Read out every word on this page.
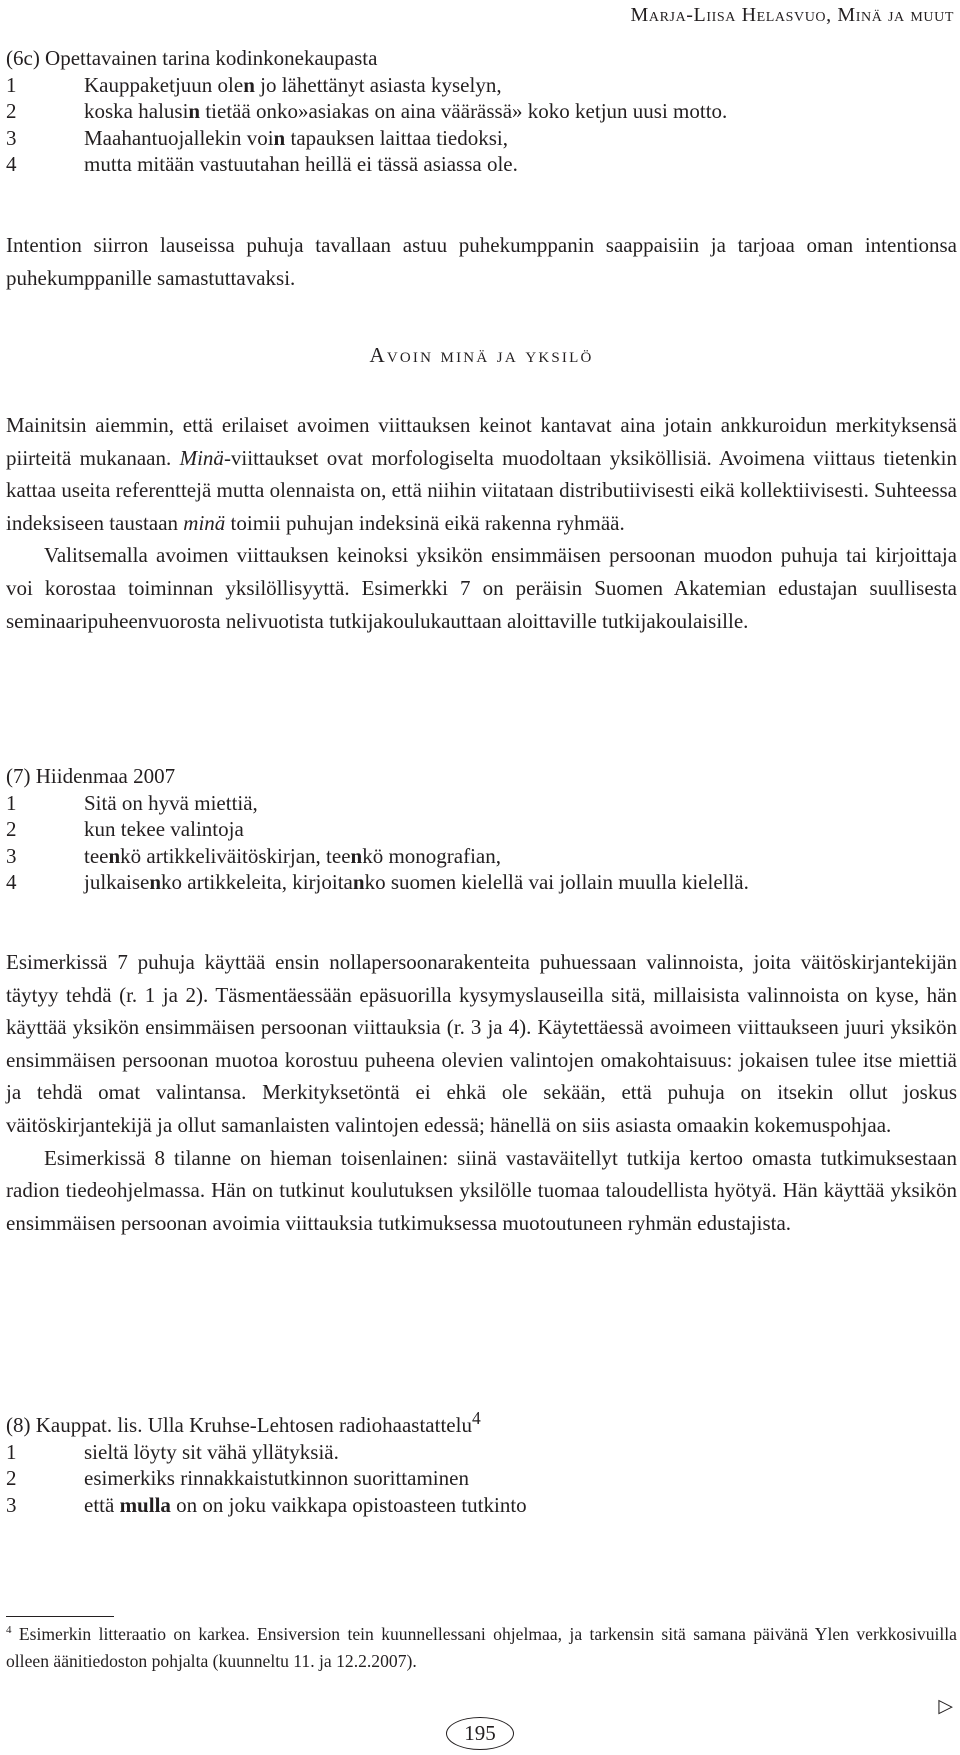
Marja-Liisa Helasvuo, Minä ja muut
(6c) Opettavainen tarina kodinkonekaupasta
1	Kauppaketjuun olen jo lähettänyt asiasta kyselyn,
2	koska halusin tietää onko»asiakas on aina väärässä» koko ketjun uusi motto.
3	Maahantuojallekin voin tapauksen laittaa tiedoksi,
4	mutta mitään vastuutahan heillä ei tässä asiassa ole.

Intention siirron lauseissa puhuja tavallaan astuu puhekumppanin saappaisiin ja tarjoaa oman intentionsa puhekumppanille samastuttavaksi.

Avoin minä ja yksilö

Mainitsin aiemmin, että erilaiset avoimen viittauksen keinot kantavat aina jotain ankkuroidun merkityksensä piirteitä mukanaan. Minä-viittaukset ovat morfologiselta muodoltaan yksiköllisiä. Avoimena viittaus tietenkin kattaa useita referenttejä mutta olennaista on, että niihin viitataan distributiivisesti eikä kollektiivisesti. Suhteessa indeksiseen taustaan minä toimii puhujan indeksinä eikä rakenna ryhmää.

Valitsemalla avoimen viittauksen keinoksi yksikön ensimmäisen persoonan muodon puhuja tai kirjoittaja voi korostaa toiminnan yksilöllisyyttä. Esimerkki 7 on peräisin Suomen Akatemian edustajan suullisesta seminaaripuheenvuorosta nelivuotista tutkijakoulukauttaan aloittaville tutkijakoulaisille.

(7) Hiidenmaa 2007
1	Sitä on hyvä miettiä,
2	kun tekee valintoja
3	teenkö artikkeliväitöskirjan, teenkö monografian,
4	julkaisenko artikkeleita, kirjoitanko suomen kielellä vai jollain muulla kielellä.

Esimerkissä 7 puhuja käyttää ensin nollapersoonarakenteita puhuessaan valinnoista, joita väitöskirjantekijän täytyy tehdä (r. 1 ja 2). Täsmentäessään epäsuorilla kysymyslauseilla sitä, millaisista valinnoista on kyse, hän käyttää yksikön ensimmäisen persoonan viittauksia (r. 3 ja 4). Käytettäessä avoimeen viittaukseen juuri yksikön ensimmäisen persoonan muotoa korostuu puheena olevien valintojen omakohtaisuus: jokaisen tulee itse miettiä ja tehdä omat valintansa. Merkityksetöntä ei ehkä ole sekään, että puhuja on itsekin ollut joskus väitöskirjantekijä ja ollut samanlaisten valintojen edessä; hänellä on siis asiasta omaakin kokemuspohjaa.

Esimerkissä 8 tilanne on hieman toisenlainen: siinä vastaväitellyt tutkija kertoo omasta tutkimuksestaan radion tiedeohjelmassa. Hän on tutkinut koulutuksen yksilölle tuomaa taloudellista hyötyä. Hän käyttää yksikön ensimmäisen persoonan avoimia viittauksia tutkimuksessa muotoutuneen ryhmän edustajista.

(8) Kauppat. lis. Ulla Kruhse-Lehtosen radiohaastattelu$^4$
1	sieltä löyty sit vähä yllätyksiä.
2	esimerkiks rinnakkaistutkinnon suorittaminen
3	että mulla on on joku vaikkapa opistoasteen tutkinto
$^4$ Esimerkin litteraatio on karkea. Ensiversion tein kuunnellessani ohjelmaa, ja tarkensin sitä samana päivänä Ylen verkkosivuilla olleen äänitiedoston pohjalta (kuunneltu 11. ja 12.2.2007).
▷
195
